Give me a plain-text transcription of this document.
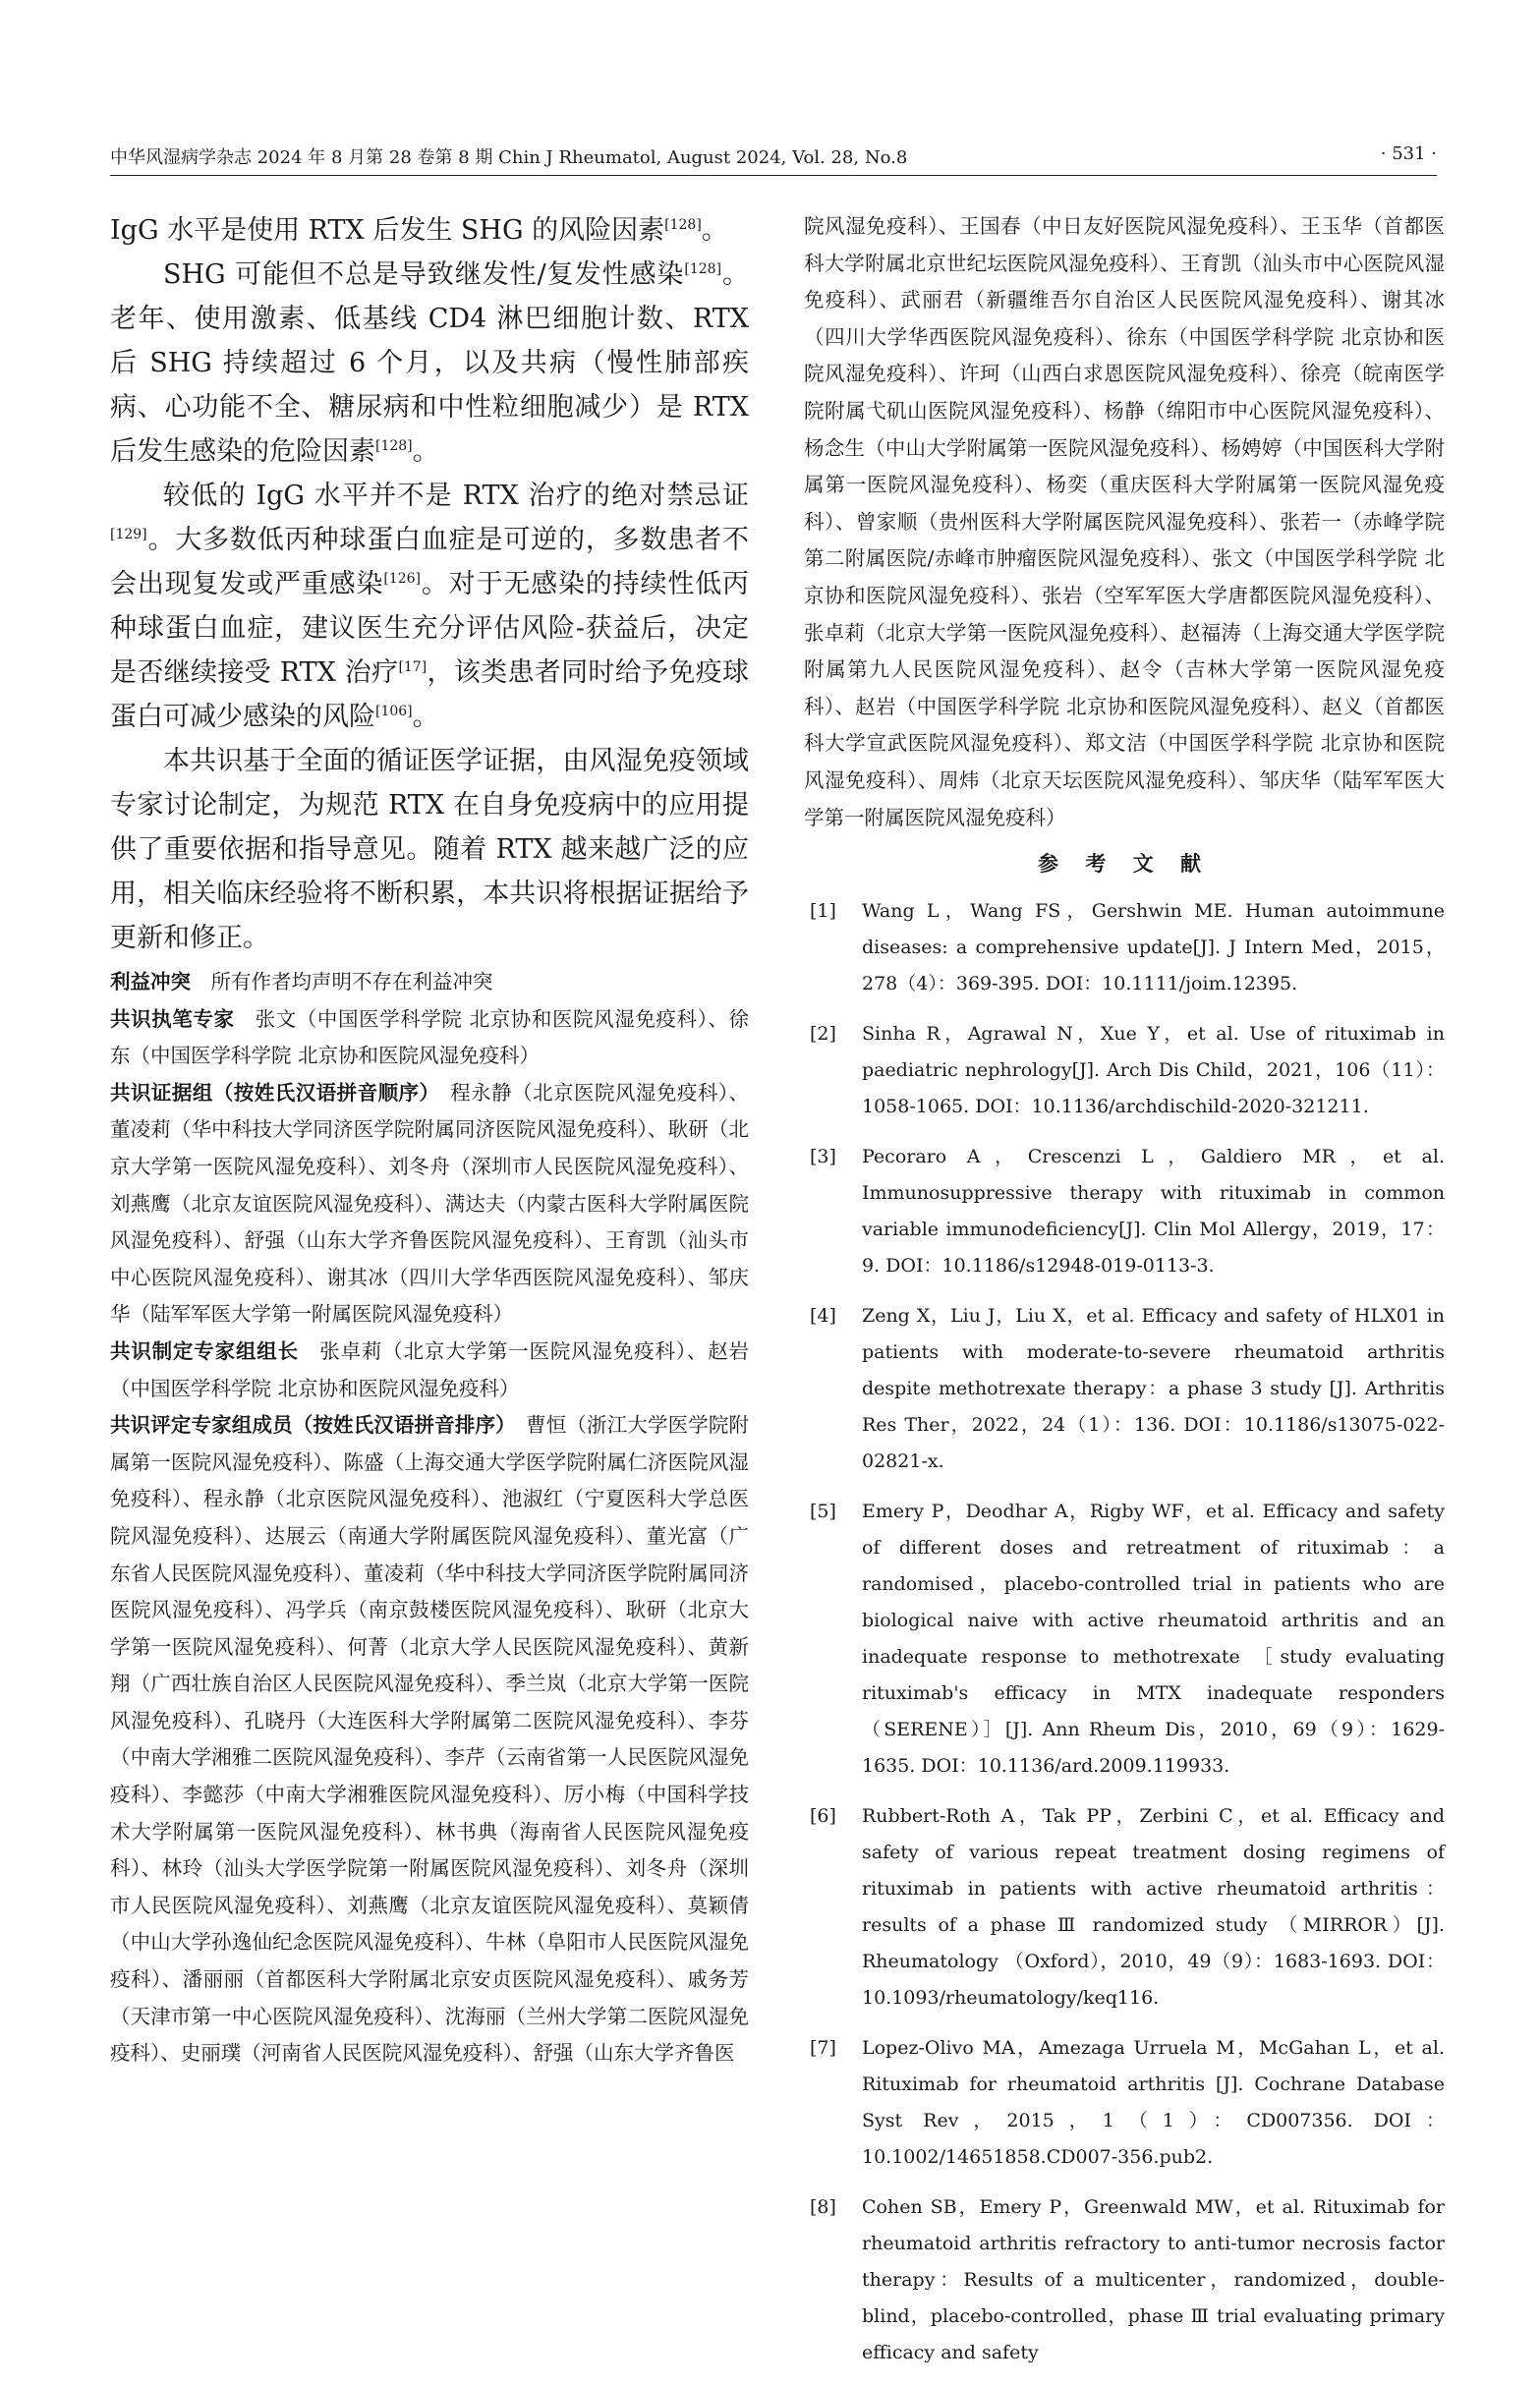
中华风湿病学杂志 2024 年 8 月第 28 卷第 8 期 Chin J Rheumatol, August 2024, Vol. 28, No.8	· 531 ·

IgG 水平是使用 RTX 后发生 SHG 的风险因素[128]。

SHG 可能但不总是导致继发性/复发性感染[128]。老年、使用激素、低基线 CD4 淋巴细胞计数、RTX 后 SHG 持续超过 6 个月，以及共病（慢性肺部疾病、心功能不全、糖尿病和中性粒细胞减少）是 RTX 后发生感染的危险因素[128]。

较低的 IgG 水平并不是 RTX 治疗的绝对禁忌证[129]。大多数低丙种球蛋白血症是可逆的，多数患者不会出现复发或严重感染[126]。对于无感染的持续性低丙种球蛋白血症，建议医生充分评估风险-获益后，决定是否继续接受 RTX 治疗[17]，该类患者同时给予免疫球蛋白可减少感染的风险[106]。

本共识基于全面的循证医学证据，由风湿免疫领域专家讨论制定，为规范 RTX 在自身免疫病中的应用提供了重要依据和指导意见。随着 RTX 越来越广泛的应用，相关临床经验将不断积累，本共识将根据证据给予更新和修正。

利益冲突　 所有作者均声明不存在利益冲突

共识执笔专家　 张文（中国医学科学院 北京协和医院风湿免疫科）、徐东（中国医学科学院 北京协和医院风湿免疫科）

共识证据组（按姓氏汉语拼音顺序）　 程永静（北京医院风湿免疫科）、董凌莉（华中科技大学同济医学院附属同济医院风湿免疫科）、耿研（北京大学第一医院风湿免疫科）、刘冬舟（深圳市人民医院风湿免疫科）、刘燕鹰（北京友谊医院风湿免疫科）、满达夫（内蒙古医科大学附属医院风湿免疫科）、舒强（山东大学齐鲁医院风湿免疫科）、王育凯（汕头市中心医院风湿免疫科）、谢其冰（四川大学华西医院风湿免疫科）、邹庆华（陆军军医大学第一附属医院风湿免疫科）

共识制定专家组组长　 张卓莉（北京大学第一医院风湿免疫科）、赵岩（中国医学科学院 北京协和医院风湿免疫科）

共识评定专家组成员（按姓氏汉语拼音排序）　 曹恒（浙江大学医学院附属第一医院风湿免疫科）、陈盛（上海交通大学医学院附属仁济医院风湿免疫科）、程永静（北京医院风湿免疫科）、池淑红（宁夏医科大学总医院风湿免疫科）、达展云（南通大学附属医院风湿免疫科）、董光富（广东省人民医院风湿免疫科）、董凌莉（华中科技大学同济医学院附属同济医院风湿免疫科）、冯学兵（南京鼓楼医院风湿免疫科）、耿研（北京大学第一医院风湿免疫科）、何菁（北京大学人民医院风湿免疫科）、黄新翔（广西壮族自治区人民医院风湿免疫科）、季兰岚（北京大学第一医院风湿免疫科）、孔晓丹（大连医科大学附属第二医院风湿免疫科）、李芬（中南大学湘雅二医院风湿免疫科）、李芹（云南省第一人民医院风湿免疫科）、李懿莎（中南大学湘雅医院风湿免疫科）、厉小梅（中国科学技术大学附属第一医院风湿免疫科）、林书典（海南省人民医院风湿免疫科）、林玲（汕头大学医学院第一附属医院风湿免疫科）、刘冬舟（深圳市人民医院风湿免疫科）、刘燕鹰（北京友谊医院风湿免疫科）、莫颖倩（中山大学孙逸仙纪念医院风湿免疫科）、牛林（阜阳市人民医院风湿免疫科）、潘丽丽（首都医科大学附属北京安贞医院风湿免疫科）、戚务芳（天津市第一中心医院风湿免疫科）、沈海丽（兰州大学第二医院风湿免疫科）、史丽璞（河南省人民医院风湿免疫科）、舒强（山东大学齐鲁医

院风湿免疫科）、王国春（中日友好医院风湿免疫科）、王玉华（首都医科大学附属北京世纪坛医院风湿免疫科）、王育凯（汕头市中心医院风湿免疫科）、武丽君（新疆维吾尔自治区人民医院风湿免疫科）、谢其冰（四川大学华西医院风湿免疫科）、徐东（中国医学科学院 北京协和医院风湿免疫科）、许珂（山西白求恩医院风湿免疫科）、徐亮（皖南医学院附属弋矶山医院风湿免疫科）、杨静（绵阳市中心医院风湿免疫科）、杨念生（中山大学附属第一医院风湿免疫科）、杨娉婷（中国医科大学附属第一医院风湿免疫科）、杨奕（重庆医科大学附属第一医院风湿免疫科）、曾家顺（贵州医科大学附属医院风湿免疫科）、张若一（赤峰学院第二附属医院/赤峰市肿瘤医院风湿免疫科）、张文（中国医学科学院 北京协和医院风湿免疫科）、张岩（空军军医大学唐都医院风湿免疫科）、张卓莉（北京大学第一医院风湿免疫科）、赵福涛（上海交通大学医学院附属第九人民医院风湿免疫科）、赵令（吉林大学第一医院风湿免疫科）、赵岩（中国医学科学院 北京协和医院风湿免疫科）、赵义（首都医科大学宣武医院风湿免疫科）、郑文洁（中国医学科学院 北京协和医院风湿免疫科）、周炜（北京天坛医院风湿免疫科）、邹庆华（陆军军医大学第一附属医院风湿免疫科）

参 考 文 献
[1] Wang L，Wang FS，Gershwin ME. Human autoimmune diseases: a comprehensive update[J]. J Intern Med，2015，278（4）：369-395. DOI：10.1111/joim.12395.

[2] Sinha R，Agrawal N，Xue Y，et al. Use of rituximab in paediatric nephrology[J]. Arch Dis Child，2021，106（11）：1058-1065. DOI：10.1136/archdischild-2020-321211.

[3] Pecoraro A，Crescenzi L，Galdiero MR，et al. Immunosuppressive therapy with rituximab in common variable immunodeficiency[J]. Clin Mol Allergy，2019，17：9. DOI：10.1186/s12948-019-0113-3.

[4] Zeng X，Liu J，Liu X，et al. Efficacy and safety of HLX01 in patients with moderate-to-severe rheumatoid arthritis despite methotrexate therapy：a phase 3 study [J]. Arthritis Res Ther，2022，24（1）：136. DOI：10.1186/s13075-022-02821-x.

[5] Emery P，Deodhar A，Rigby WF，et al. Efficacy and safety of different doses and retreatment of rituximab：a randomised，placebo-controlled trial in patients who are biological naive with active rheumatoid arthritis and an inadequate response to methotrexate ［study evaluating rituximab's efficacy in MTX inadequate responders （SERENE）］[J]. Ann Rheum Dis，2010，69（9）：1629-1635. DOI：10.1136/ard.2009.119933.

[6] Rubbert-Roth A，Tak PP，Zerbini C，et al. Efficacy and safety of various repeat treatment dosing regimens of rituximab in patients with active rheumatoid arthritis：results of a phase Ⅲ randomized study （MIRROR）[J]. Rheumatology （Oxford），2010，49（9）：1683-1693. DOI：10.1093/rheumatology/keq116.

[7] Lopez-Olivo MA，Amezaga Urruela M，McGahan L，et al. Rituximab for rheumatoid arthritis [J]. Cochrane Database Syst Rev，2015，1（1）：CD007356. DOI：10.1002/14651858.CD007-356.pub2.

[8] Cohen SB，Emery P，Greenwald MW，et al. Rituximab for rheumatoid arthritis refractory to anti-tumor necrosis factor therapy：Results of a multicenter，randomized，double-blind，placebo-controlled，phase Ⅲ trial evaluating primary efficacy and safety
